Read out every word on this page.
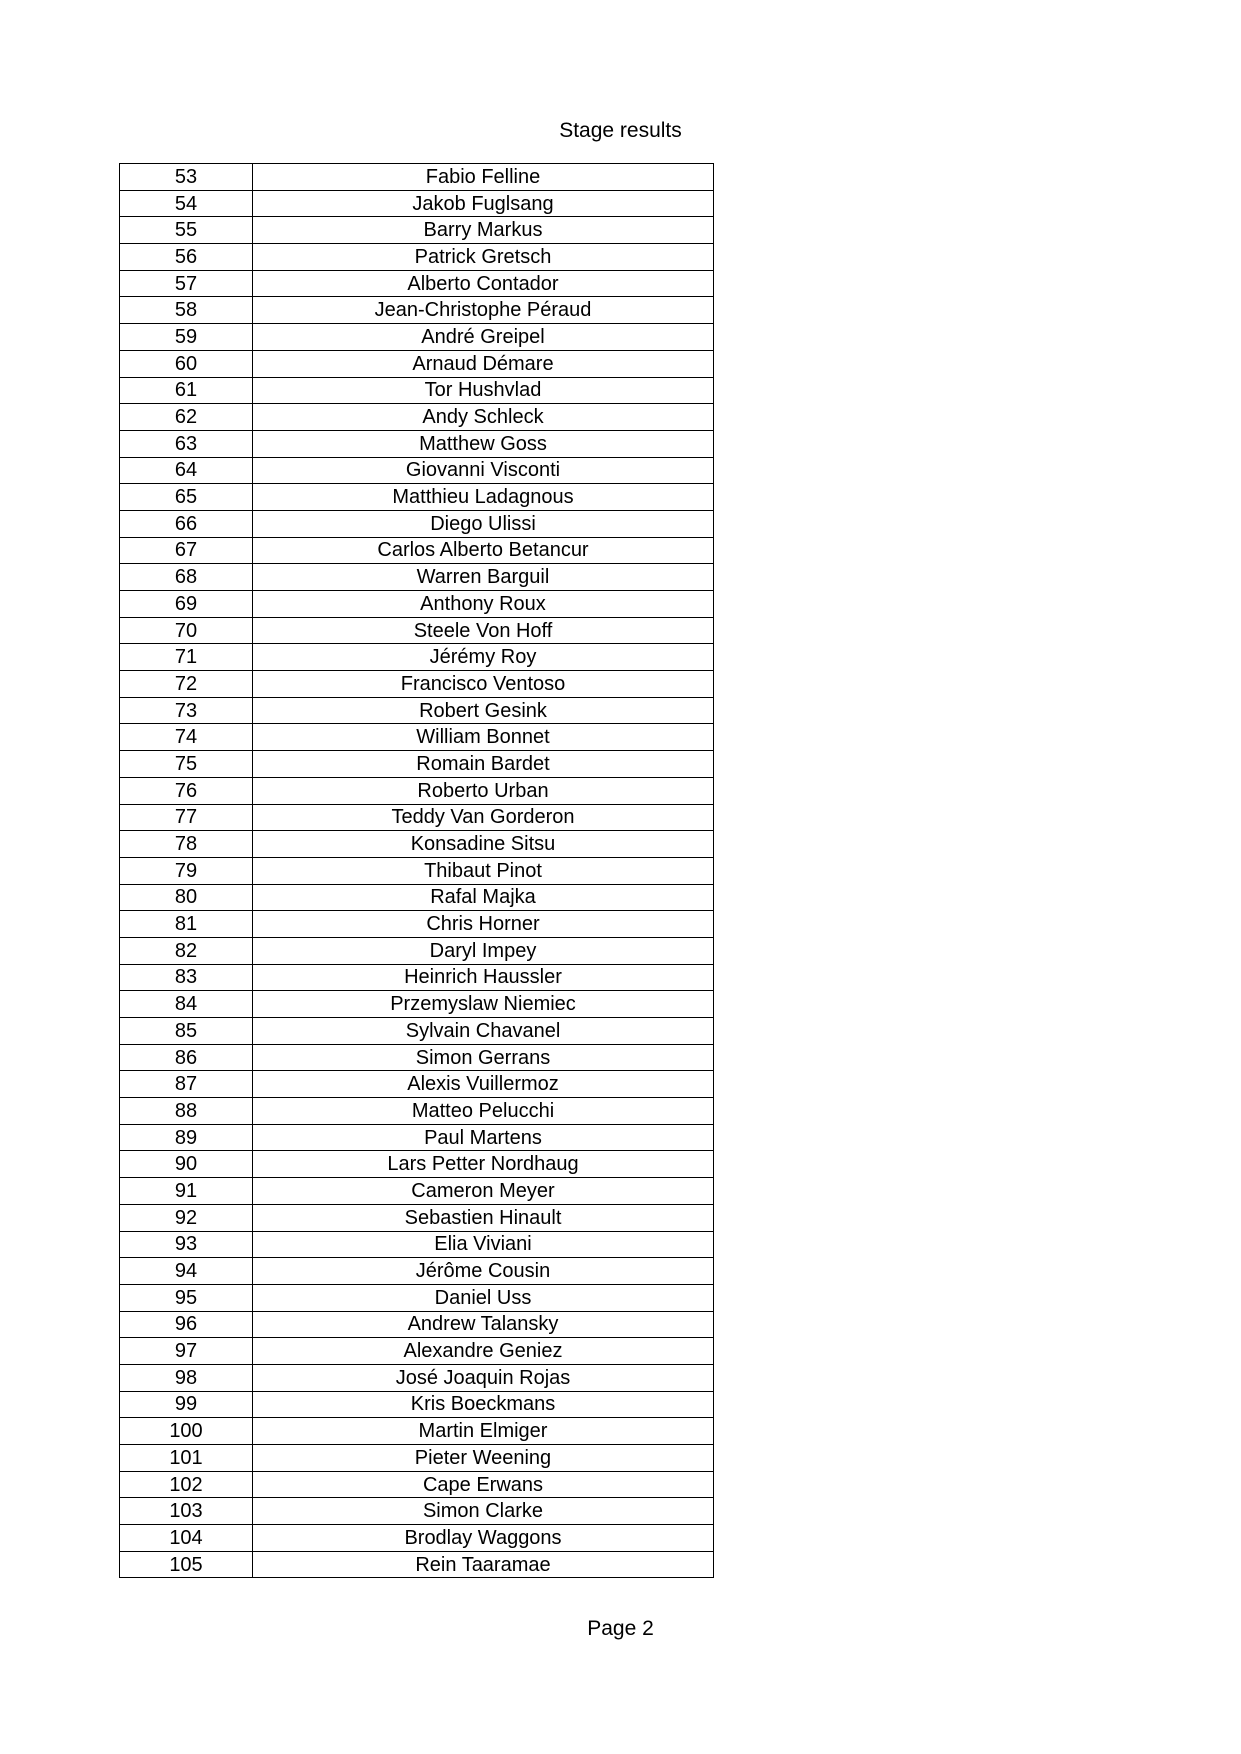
Stage results
53	Fabio Felline
54	Jakob Fuglsang
55	Barry Markus
56	Patrick Gretsch
57	Alberto Contador
58	Jean-Christophe Péraud
59	André Greipel
60	Arnaud Démare
61	Tor Hushvlad
62	Andy Schleck
63	Matthew Goss
64	Giovanni Visconti
65	Matthieu Ladagnous
66	Diego Ulissi
67	Carlos Alberto Betancur
68	Warren Barguil
69	Anthony Roux
70	Steele Von Hoff
71	Jérémy Roy
72	Francisco Ventoso
73	Robert Gesink
74	William Bonnet
75	Romain Bardet
76	Roberto Urban
77	Teddy Van Gorderon
78	Konsadine Sitsu
79	Thibaut Pinot
80	Rafal Majka
81	Chris Horner
82	Daryl Impey
83	Heinrich Haussler
84	Przemyslaw Niemiec
85	Sylvain Chavanel
86	Simon Gerrans
87	Alexis Vuillermoz
88	Matteo Pelucchi
89	Paul Martens
90	Lars Petter Nordhaug
91	Cameron Meyer
92	Sebastien Hinault
93	Elia Viviani
94	Jérôme Cousin
95	Daniel Uss
96	Andrew Talansky
97	Alexandre Geniez
98	José Joaquin Rojas
99	Kris Boeckmans
100	Martin Elmiger
101	Pieter Weening
102	Cape Erwans
103	Simon Clarke
104	Brodlay Waggons
105	Rein Taaramae
Page 2
